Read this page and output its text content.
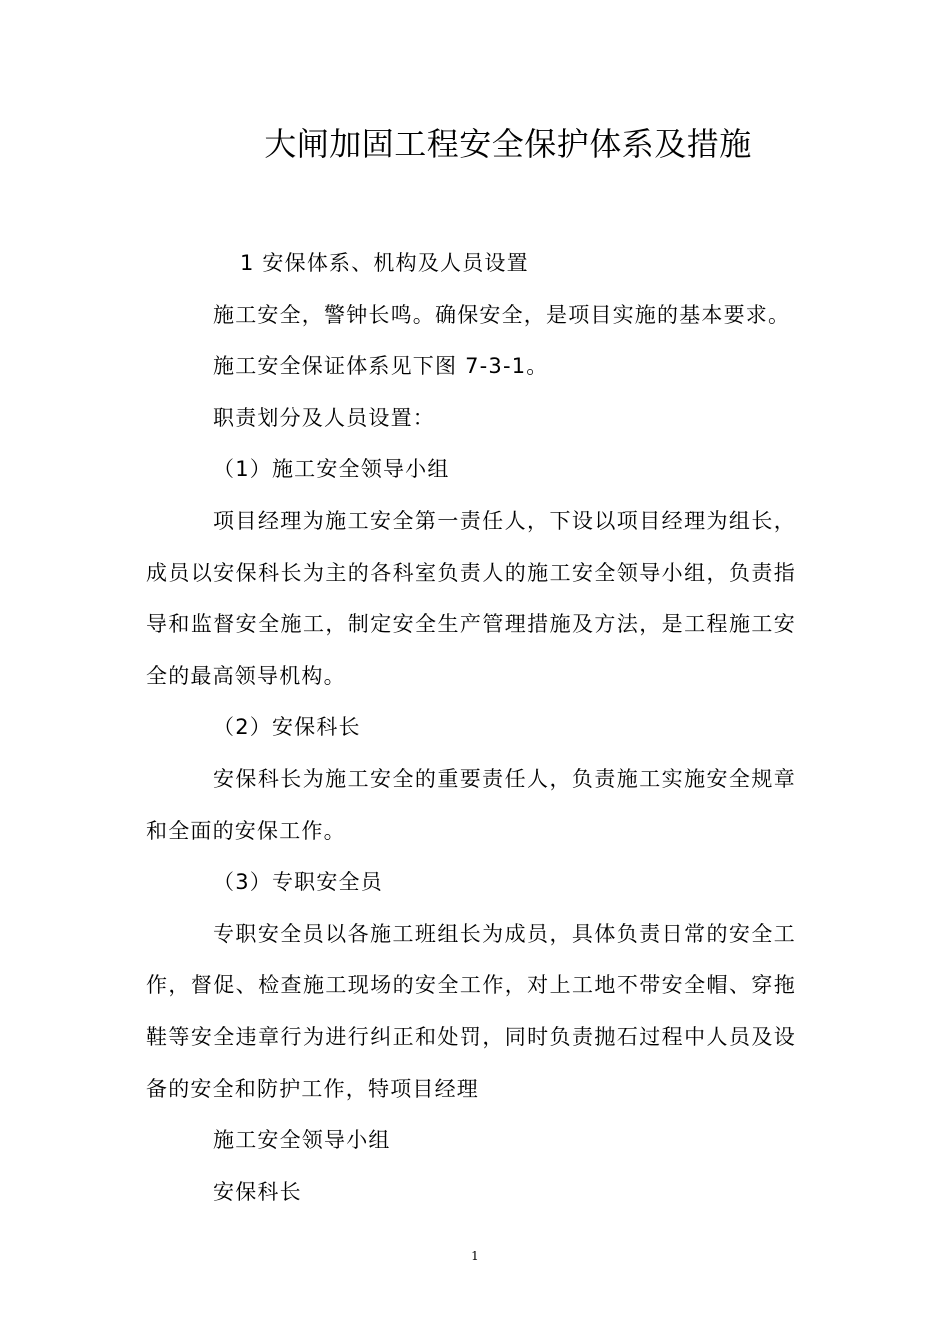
大闸加固工程安全保护体系及措施

1 安保体系、机构及人员设置

施工安全，警钟长鸣。确保安全，是项目实施的基本要求。

施工安全保证体系见下图 7-3-1。

职责划分及人员设置：

（1）施工安全领导小组

项目经理为施工安全第一责任人，下设以项目经理为组长，成员以安保科长为主的各科室负责人的施工安全领导小组，负责指导和监督安全施工，制定安全生产管理措施及方法，是工程施工安全的最高领导机构。

（2）安保科长

安保科长为施工安全的重要责任人，负责施工实施安全规章和全面的安保工作。

（3）专职安全员

专职安全员以各施工班组长为成员，具体负责日常的安全工作，督促、检查施工现场的安全工作，对上工地不带安全帽、穿拖鞋等安全违章行为进行纠正和处罚，同时负责抛石过程中人员及设备的安全和防护工作，特项目经理

施工安全领导小组

安保科长

1
